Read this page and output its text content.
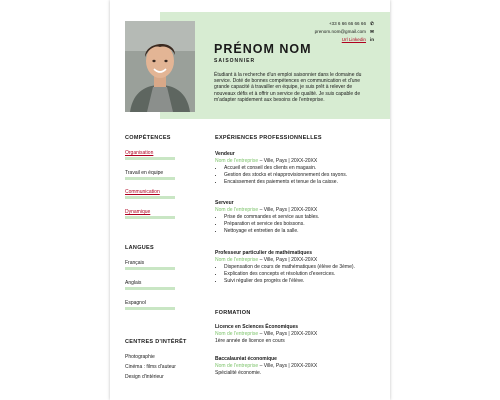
+33 6 66 66 66 66 ✆
prenom.nom@gmail.com ✉
Url Linkedin in
PRÉNOM NOM
SAISONNIER
Étudiant à la recherche d'un emploi saisonnier dans le domaine du service. Doté de bonnes compétences en communication et d'une grande capacité à travailler en équipe, je suis prêt à relever de nouveaux défis et à offrir un service de qualité. Je suis capable de m'adapter rapidement aux besoins de l'entreprise.
COMPÉTENCES
Organisation
Travail en équipe
Communication
Dynamique
LANGUES
Français
Anglais
Espagnol
CENTRES D'INTÉRÊT
Photographie
Cinéma : films d'auteur
Design d'intérieur
EXPÉRIENCES PROFESSIONNELLES
Vendeur
Nom de l'entreprise – Ville, Pays | 20XX-20XX
• Accueil et conseil des clients en magasin.
• Gestion des stocks et réapprovisionnement des rayons.
• Encaissement des paiements et tenue de la caisse.
Serveur
Nom de l'entreprise – Ville, Pays | 20XX-20XX
• Prise de commandes et service aux tables.
• Préparation et service des boissons.
• Nettoyage et entretien de la salle.
Professeur particulier de mathématiques
Nom de l'entreprise – Ville, Pays | 20XX-20XX
• Dispensation de cours de mathématiques (élève de 3ème).
• Explication des concepts et résolution d'exercices.
• Suivi régulier des progrès de l'élève.
FORMATION
Licence en Sciences Économiques
Nom de l'entreprise – Ville, Pays | 20XX-20XX
1ère année de licence en cours
Baccalauréat économique
Nom de l'entreprise – Ville, Pays | 20XX-20XX
Spécialité économie.
